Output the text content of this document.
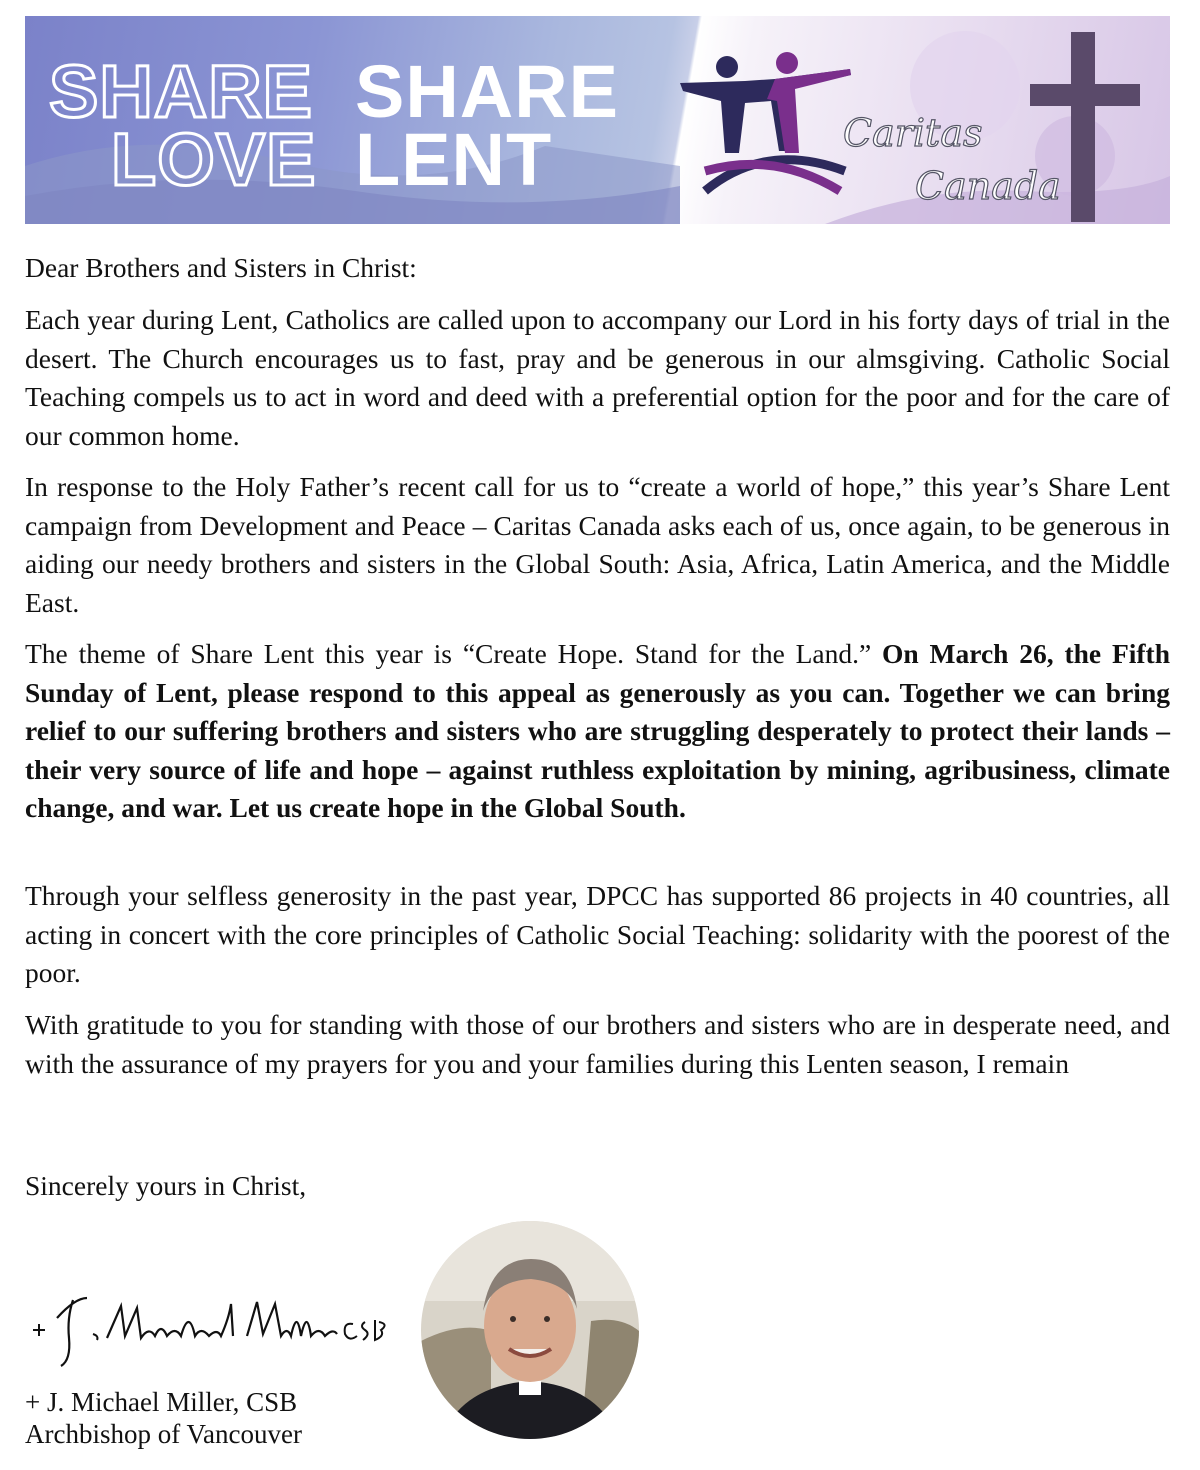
SHARE SHARE
LOVE LENT	Caritas
Canada
Dear Brothers and Sisters in Christ:
Each year during Lent, Catholics are called upon to accompany our Lord in his forty days of trial in the desert. The Church encourages us to fast, pray and be generous in our almsgiving. Catholic Social Teaching compels us to act in word and deed with a preferential option for the poor and for the care of our common home.
In response to the Holy Father’s recent call for us to “create a world of hope,” this year’s Share Lent campaign from Development and Peace – Caritas Canada asks each of us, once again, to be generous in aiding our needy brothers and sisters in the Global South: Asia, Africa, Latin America, and the Middle East.
The theme of Share Lent this year is “Create Hope. Stand for the Land.” On March 26, the Fifth Sunday of Lent, please respond to this appeal as generously as you can. Together we can bring relief to our suffering brothers and sisters who are struggling desperately to protect their lands – their very source of life and hope – against ruthless exploitation by mining, agribusiness, climate change, and war. Let us create hope in the Global South.
Through your selfless generosity in the past year, DPCC has supported 86 projects in 40 countries, all acting in concert with the core principles of Catholic Social Teaching: solidarity with the poorest of the poor.
With gratitude to you for standing with those of our brothers and sisters who are in desperate need, and with the assurance of my prayers for you and your families during this Lenten season, I remain
Sincerely yours in Christ,
+ J. Michael Miller, CSB
Archbishop of Vancouver
